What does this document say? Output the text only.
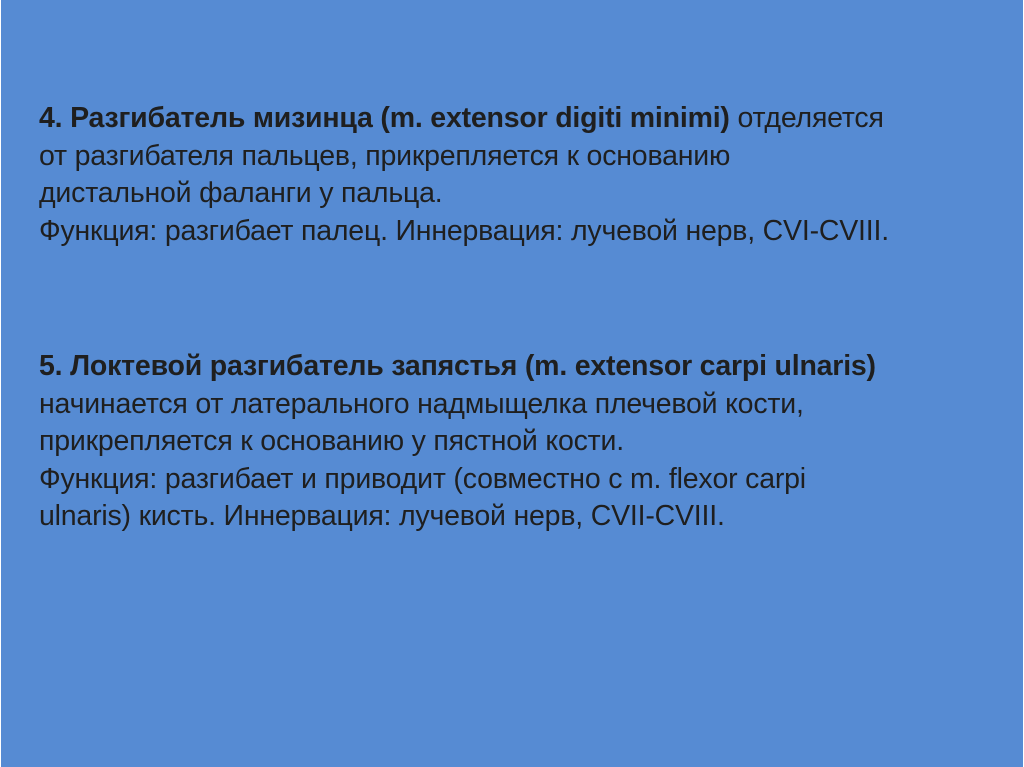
4. Разгибатель мизинца (m. extensor digiti minimi) отделяется
от разгибателя пальцев, прикрепляется к основанию
дистальной фаланги у пальца.
Функция: разгибает палец. Иннервация: лучевой нерв, CVI-CVIII.
5. Локтевой разгибатель запястья (m. extensor carpi ulnaris)
начинается от латерального надмыщелка плечевой кости,
прикрепляется к основанию у пястной кости.
Функция: разгибает и приводит (совместно с m. flexor carpi
ulnaris) кисть. Иннервация: лучевой нерв, CVII-CVIII.
